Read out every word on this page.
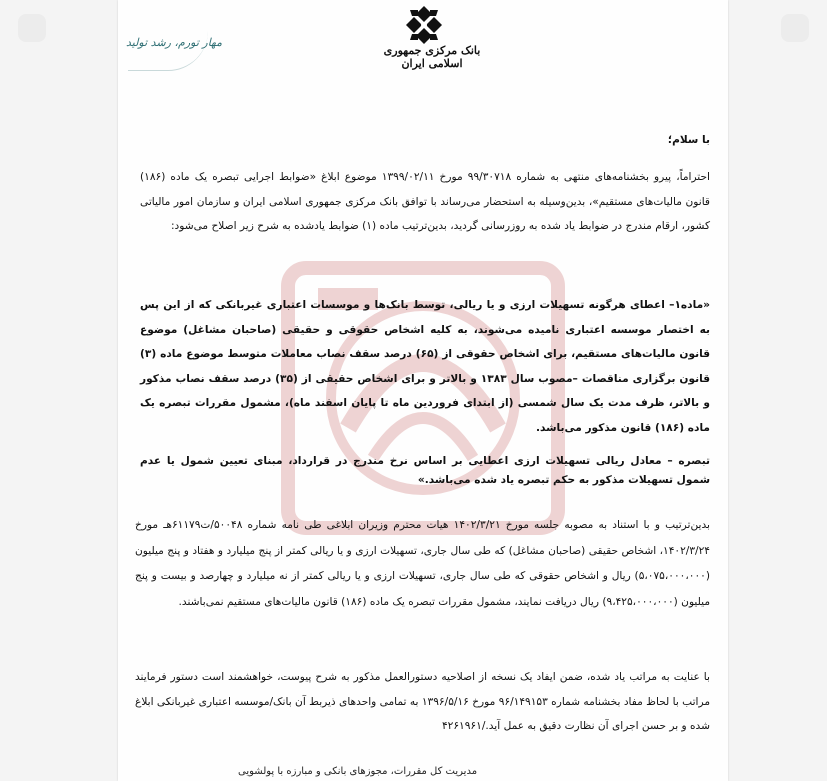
بانک مرکزی جمهوری اسلامی ایران
مهار تورم، رشد تولید
با سلام؛
احتراماً، پیرو بخشنامه‌های منتهی به شماره ۹۹/۳۰۷۱۸ مورخ ۱۳۹۹/۰۲/۱۱ موضوع ابلاغ «ضوابط اجرایی تبصره یک ماده (۱۸۶) قانون مالیات‌های مستقیم»، بدین‌وسیله به استحضار می‌رساند با توافق بانک مرکزی جمهوری اسلامی ایران و سازمان امور مالیاتی کشور، ارقام مندرج در ضوابط یاد شده به روزرسانی گردید، بدین‌ترتیب ماده (۱) ضوابط یادشده به شرح زیر اصلاح می‌شود:
«ماده۱– اعطای هرگونه تسهیلات ارزی و یا ریالی، توسط بانک‌ها و موسسات اعتباری غیربانکی که از این پس به اختصار موسسه اعتباری نامیده می‌شوند، به کلیه اشخاص حقوقی و حقیقی (صاحبان مشاغل) موضوع قانون مالیات‌های مستقیم، برای اشخاص حقوقی از (۶۵) درصد سقف نصاب معاملات متوسط موضوع ماده (۳) قانون برگزاری مناقصات –مصوب سال ۱۳۸۳ و بالاتر و برای اشخاص حقیقی از (۳۵) درصد سقف نصاب مذکور و بالاتر، ظرف مدت یک سال شمسی (از ابتدای فروردین ماه تا پایان اسفند ماه)، مشمول مقررات تبصره یک ماده (۱۸۶) قانون مذکور می‌باشد.
تبصره – معادل ریالی تسهیلات ارزی اعطایی بر اساس نرخ مندرج در قرارداد، مبنای تعیین شمول یا عدم شمول تسهیلات مذکور به حکم تبصره یاد شده می‌باشد.»
بدین‌ترتیب و با استناد به مصوبه جلسه مورخ ۱۴۰۲/۳/۲۱ هیات محترم وزیران ابلاغی طی نامه شماره ۵۰۰۴۸/ت۶۱۱۷۹هـ مورخ ۱۴۰۲/۳/۲۴، اشخاص حقیقی (صاحبان مشاغل) که طی سال جاری، تسهیلات ارزی و یا ریالی کمتر از پنج میلیارد و هفتاد و پنج میلیون (۵،۰۷۵،۰۰۰،۰۰۰) ریال و اشخاص حقوقی که طی سال جاری، تسهیلات ارزی و یا ریالی کمتر از نه میلیارد و چهارصد و بیست و پنج میلیون (۹،۴۲۵،۰۰۰،۰۰۰) ریال دریافت نمایند، مشمول مقررات تبصره یک ماده (۱۸۶) قانون مالیات‌های مستقیم نمی‌باشند.
با عنایت به مراتب یاد شده، ضمن ایفاد یک نسخه از اصلاحیه دستورالعمل مذکور به شرح پیوست، خواهشمند است دستور فرمایند مراتب با لحاظ مفاد بخشنامه شماره ۹۶/۱۴۹۱۵۳ مورخ ۱۳۹۶/۵/۱۶ به تمامی واحدهای ذیربط آن بانک/موسسه اعتباری غیربانکی ابلاغ شده و بر حسن اجرای آن نظارت دقیق به عمل آید./۴۲۶۱۹۶۱
مدیریت کل مقررات، مجوزهای بانکی و مبارزه با پولشویی
